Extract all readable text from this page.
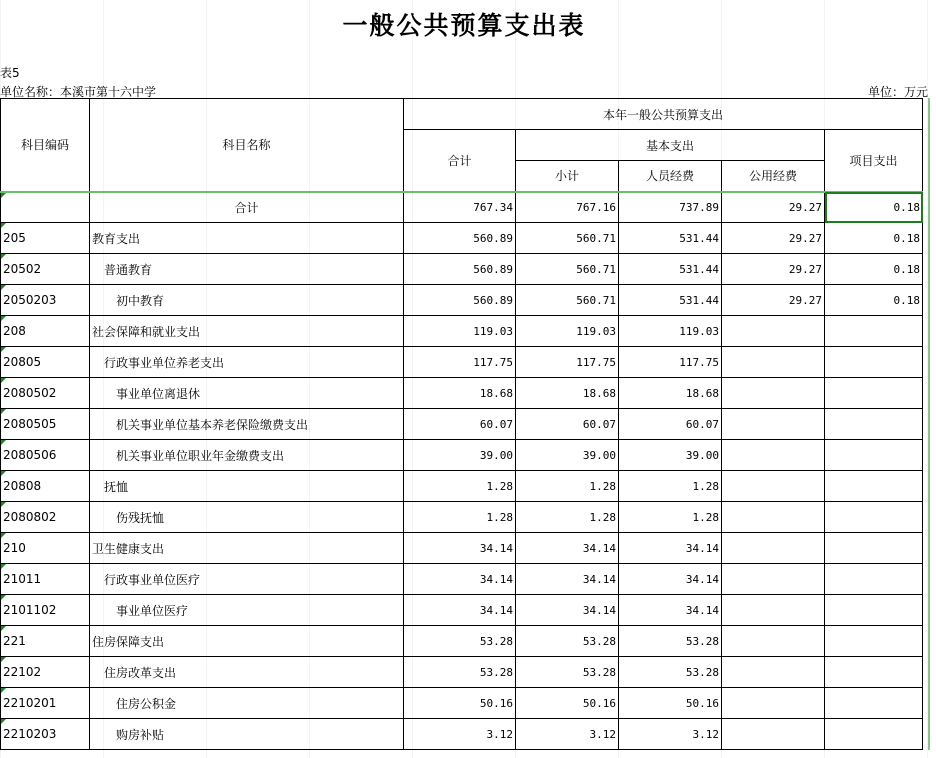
一般公共预算支出表
表5
单位名称：本溪市第十六中学	单位：万元
科目编码	科目名称	本年一般公共预算支出				
		合计	基本支出			项目支出
			小计	人员经费	公用经费	
	合计	767.34	767.16	737.89	29.27	0.18
205	教育支出	560.89	560.71	531.44	29.27	0.18
20502	普通教育	560.89	560.71	531.44	29.27	0.18
2050203	初中教育	560.89	560.71	531.44	29.27	0.18
208	社会保障和就业支出	119.03	119.03	119.03		
20805	行政事业单位养老支出	117.75	117.75	117.75		
2080502	事业单位离退休	18.68	18.68	18.68		
2080505	机关事业单位基本养老保险缴费支出	60.07	60.07	60.07		
2080506	机关事业单位职业年金缴费支出	39.00	39.00	39.00		
20808	抚恤	1.28	1.28	1.28		
2080802	伤残抚恤	1.28	1.28	1.28		
210	卫生健康支出	34.14	34.14	34.14		
21011	行政事业单位医疗	34.14	34.14	34.14		
2101102	事业单位医疗	34.14	34.14	34.14		
221	住房保障支出	53.28	53.28	53.28		
22102	住房改革支出	53.28	53.28	53.28		
2210201	住房公积金	50.16	50.16	50.16		
2210203	购房补贴	3.12	3.12	3.12		
